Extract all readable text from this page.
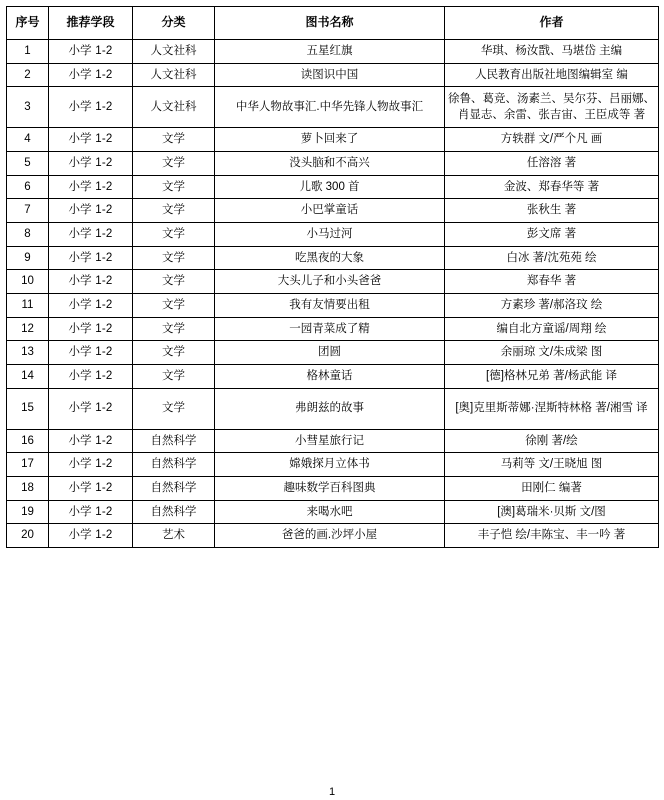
序号	推荐学段	分类	图书名称	作者
1	小学 1-2	人文社科	五星红旗	华琪、杨汝戬、马堪岱 主编
2	小学 1-2	人文社科	读图识中国	人民教育出版社地图编辑室 编
3	小学 1-2	人文社科	中华人物故事汇.中华先锋人物故事汇	徐鲁、葛竞、汤素兰、吴尔芬、吕丽娜、肖显志、余雷、张吉宙、王臣成等 著
4	小学 1-2	文学	萝卜回来了	方轶群 文/严个凡 画
5	小学 1-2	文学	没头脑和不高兴	任溶溶 著
6	小学 1-2	文学	儿歌 300 首	金波、郑春华等 著
7	小学 1-2	文学	小巴掌童话	张秋生 著
8	小学 1-2	文学	小马过河	彭文席 著
9	小学 1-2	文学	吃黑夜的大象	白冰 著/沈苑苑 绘
10	小学 1-2	文学	大头儿子和小头爸爸	郑春华 著
11	小学 1-2	文学	我有友情要出租	方素珍 著/郝洛玟 绘
12	小学 1-2	文学	一园青菜成了精	编自北方童谣/周翔 绘
13	小学 1-2	文学	团圆	余丽琼 文/朱成梁 图
14	小学 1-2	文学	格林童话	[德]格林兄弟 著/杨武能 译
15	小学 1-2	文学	弗朗兹的故事	[奥]克里斯蒂娜·涅斯特林格 著/湘雪 译
16	小学 1-2	自然科学	小彗星旅行记	徐刚 著/绘
17	小学 1-2	自然科学	嫦娥探月立体书	马莉等 文/王晓旭 图
18	小学 1-2	自然科学	趣味数学百科图典	田刚仁 编著
19	小学 1-2	自然科学	来喝水吧	[澳]葛瑞米·贝斯 文/图
20	小学 1-2	艺术	爸爸的画.沙坪小屋	丰子恺 绘/丰陈宝、丰一吟 著
1
